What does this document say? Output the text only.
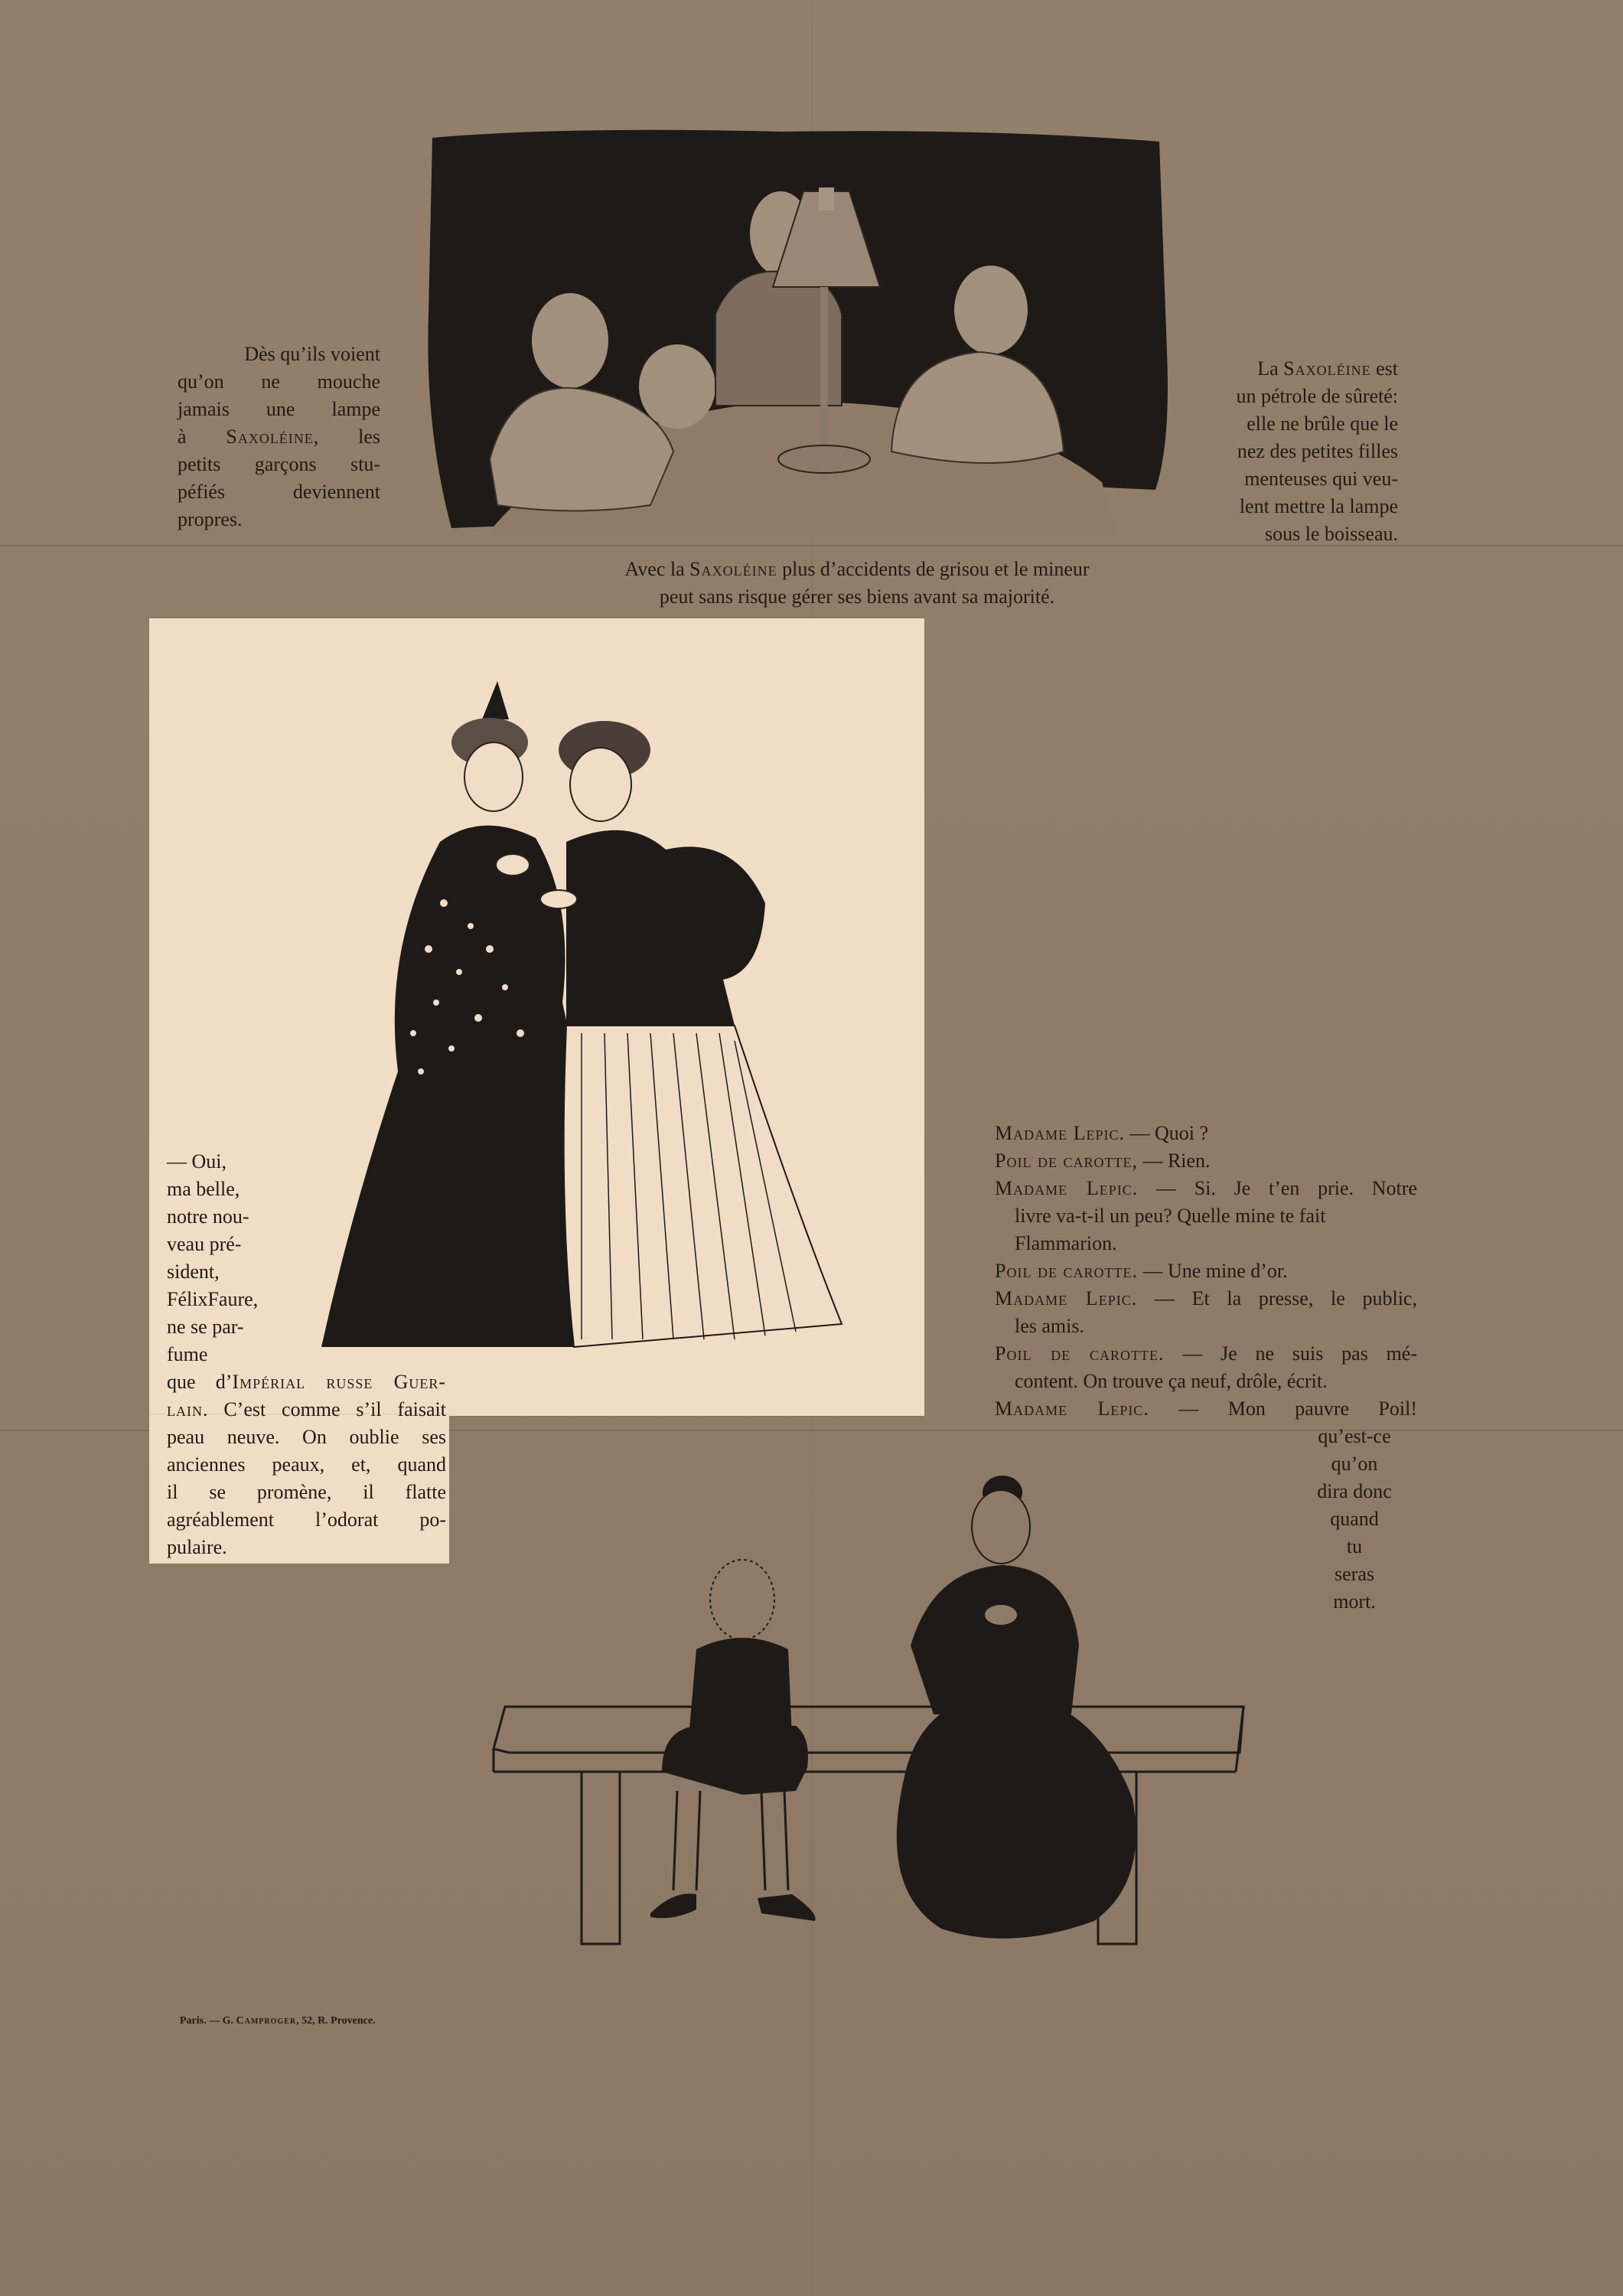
Dès qu’ils voient
qu’on ne mouche
jamais une lampe
à Saxoléine, les
petits garçons stu-
péfiés deviennent
propres.
La Saxoléine est
un pétrole de sûreté:
elle ne brûle que le
nez des petites filles
menteuses qui veu-
lent mettre la lampe
sous le boisseau.
Avec la Saxoléine plus d’accidents de grisou et le mineur
peut sans risque gérer ses biens avant sa majorité.
— Oui,
ma belle,
notre nou-
veau pré-
sident,
FélixFaure,
ne se par-
fume
que d’Impérial russe Guer-
lain. C’est comme s’il faisait
peau neuve. On oublie ses
anciennes peaux, et, quand
il se promène, il flatte
agréablement l’odorat po-
pulaire.

Madame Lepic. — Quoi ?

Poil de carotte, — Rien.

Madame Lepic. — Si. Je t’en prie. Notre

livre va-t-il un peu? Quelle mine te fait

Flammarion.

Poil de carotte. — Une mine d’or.

Madame Lepic. — Et la presse, le public,

les amis.

Poil de carotte. — Je ne suis pas mé-

content. On trouve ça neuf, drôle, écrit.

Madame Lepic. — Mon pauvre Poil!

qu’est-ce
qu’on
dira donc
quand
tu
seras
mort.
Paris. — G. Camproger, 52, R. Provence.
